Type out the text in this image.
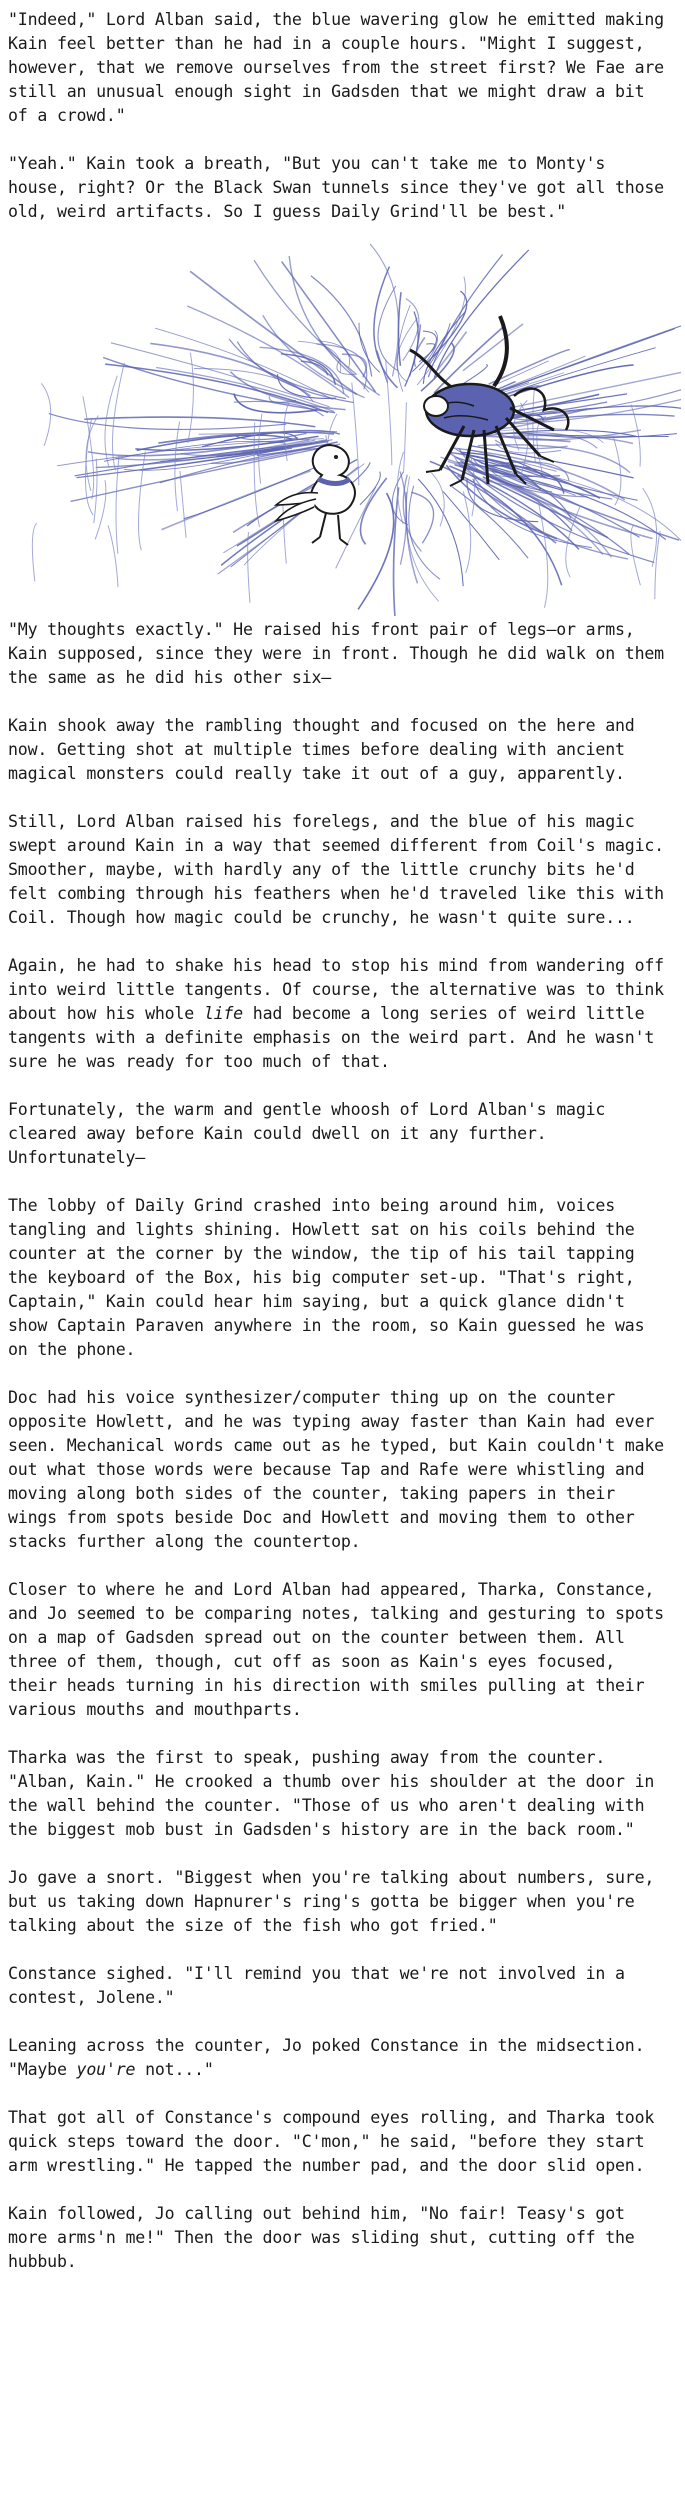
"Indeed," Lord Alban said, the blue wavering glow he emitted making Kain feel better than he had in a couple hours. "Might I suggest, however, that we remove ourselves from the street first? We Fae are still an unusual enough sight in Gadsden that we might draw a bit of a crowd."

"Yeah." Kain took a breath, "But you can't take me to Monty's house, right? Or the Black Swan tunnels since they've got all those old, weird artifacts. So I guess Daily Grind'll be best."

"My thoughts exactly." He raised his front pair of legs—or arms, Kain supposed, since they were in front. Though he did walk on them the same as he did his other six—

Kain shook away the rambling thought and focused on the here and now. Getting shot at multiple times before dealing with ancient magical monsters could really take it out of a guy, apparently.

Still, Lord Alban raised his forelegs, and the blue of his magic swept around Kain in a way that seemed different from Coil's magic. Smoother, maybe, with hardly any of the little crunchy bits he'd felt combing through his feathers when he'd traveled like this with Coil. Though how magic could be crunchy, he wasn't quite sure...

Again, he had to shake his head to stop his mind from wandering off into weird little tangents. Of course, the alternative was to think about how his whole life had become a long series of weird little tangents with a definite emphasis on the weird part. And he wasn't sure he was ready for too much of that.

Fortunately, the warm and gentle whoosh of Lord Alban's magic cleared away before Kain could dwell on it any further. Unfortunately—

The lobby of Daily Grind crashed into being around him, voices tangling and lights shining. Howlett sat on his coils behind the counter at the corner by the window, the tip of his tail tapping the keyboard of the Box, his big computer set-up. "That's right, Captain," Kain could hear him saying, but a quick glance didn't show Captain Paraven anywhere in the room, so Kain guessed he was on the phone.

Doc had his voice synthesizer/computer thing up on the counter opposite Howlett, and he was typing away faster than Kain had ever seen. Mechanical words came out as he typed, but Kain couldn't make out what those words were because Tap and Rafe were whistling and moving along both sides of the counter, taking papers in their wings from spots beside Doc and Howlett and moving them to other stacks further along the countertop.

Closer to where he and Lord Alban had appeared, Tharka, Constance, and Jo seemed to be comparing notes, talking and gesturing to spots on a map of Gadsden spread out on the counter between them. All three of them, though, cut off as soon as Kain's eyes focused, their heads turning in his direction with smiles pulling at their various mouths and mouthparts.

Tharka was the first to speak, pushing away from the counter. "Alban, Kain." He crooked a thumb over his shoulder at the door in the wall behind the counter. "Those of us who aren't dealing with the biggest mob bust in Gadsden's history are in the back room."

Jo gave a snort. "Biggest when you're talking about numbers, sure, but us taking down Hapnurer's ring's gotta be bigger when you're talking about the size of the fish who got fried."

Constance sighed. "I'll remind you that we're not involved in a contest, Jolene."

Leaning across the counter, Jo poked Constance in the midsection. "Maybe you're not..."

That got all of Constance's compound eyes rolling, and Tharka took quick steps toward the door. "C'mon," he said, "before they start arm wrestling." He tapped the number pad, and the door slid open.

Kain followed, Jo calling out behind him, "No fair! Teasy's got more arms'n me!" Then the door was sliding shut, cutting off the hubbub.
